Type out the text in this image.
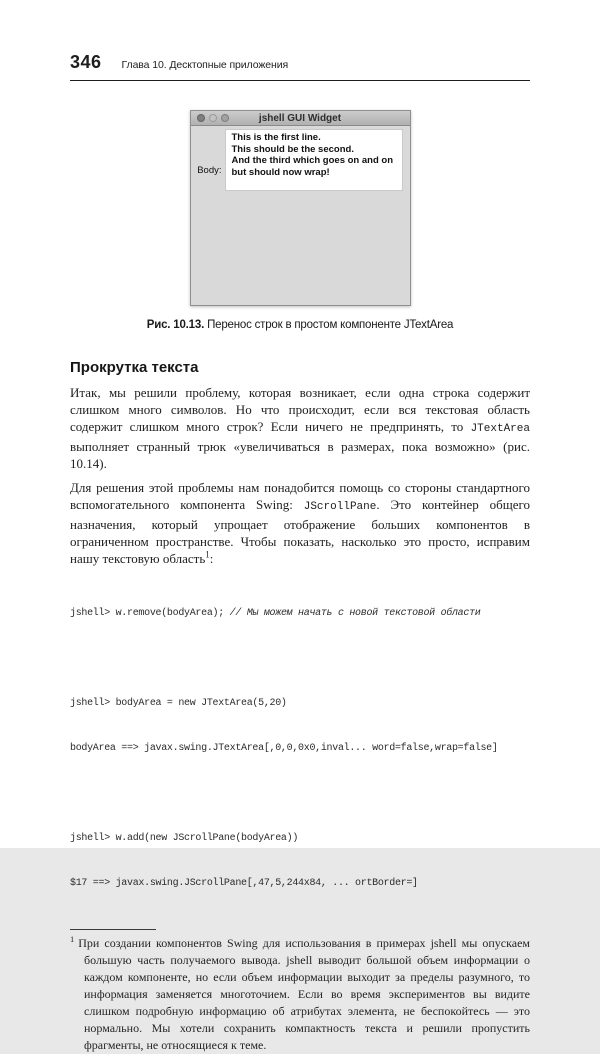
346 Глава 10. Десктопные приложения
jshell GUI Widget
Body:
This is the first line.
This should be the second.
And the third which goes on and on
but should now wrap!
Рис. 10.13. Перенос строк в простом компоненте JTextArea
Прокрутка текста

Итак, мы решили проблему, которая возникает, если одна строка содержит слишком много символов. Но что происходит, если вся текстовая область содержит слишком много строк? Если ничего не предпринять, то JTextArea выполняет странный трюк «увеличиваться в размерах, пока возможно» (рис. 10.14).

Для решения этой проблемы нам понадобится помощь со стороны стандартного вспомогательного компонента Swing: JScrollPane. Это контейнер общего назначения, который упрощает отображение больших компонентов в ограниченном пространстве. Чтобы показать, насколько это просто, исправим нашу текстовую область$^1$:

jshell> w.remove(bodyArea); // Мы можем начать с новой текстовой области

jshell> bodyArea = new JTextArea(5,20)

bodyArea ==> javax.swing.JTextArea[,0,0,0x0,inval... word=false,wrap=false]

jshell> w.add(new JScrollPane(bodyArea))

$17 ==> javax.swing.JScrollPane[,47,5,244x84, ... ortBorder=]

$^1$ При создании компонентов Swing для использования в примерах jshell мы опускаем большую часть получаемого вывода. jshell выводит большой объем информации о каждом компоненте, но если объем информации выходит за пределы разумного, то информация заменяется многоточием. Если во время экспериментов вы видите слишком подробную информацию об атрибутах элемента, не беспокойтесь — это нормально. Мы хотели сохранить компактность текста и решили пропустить фрагменты, не относящиеся к теме.
